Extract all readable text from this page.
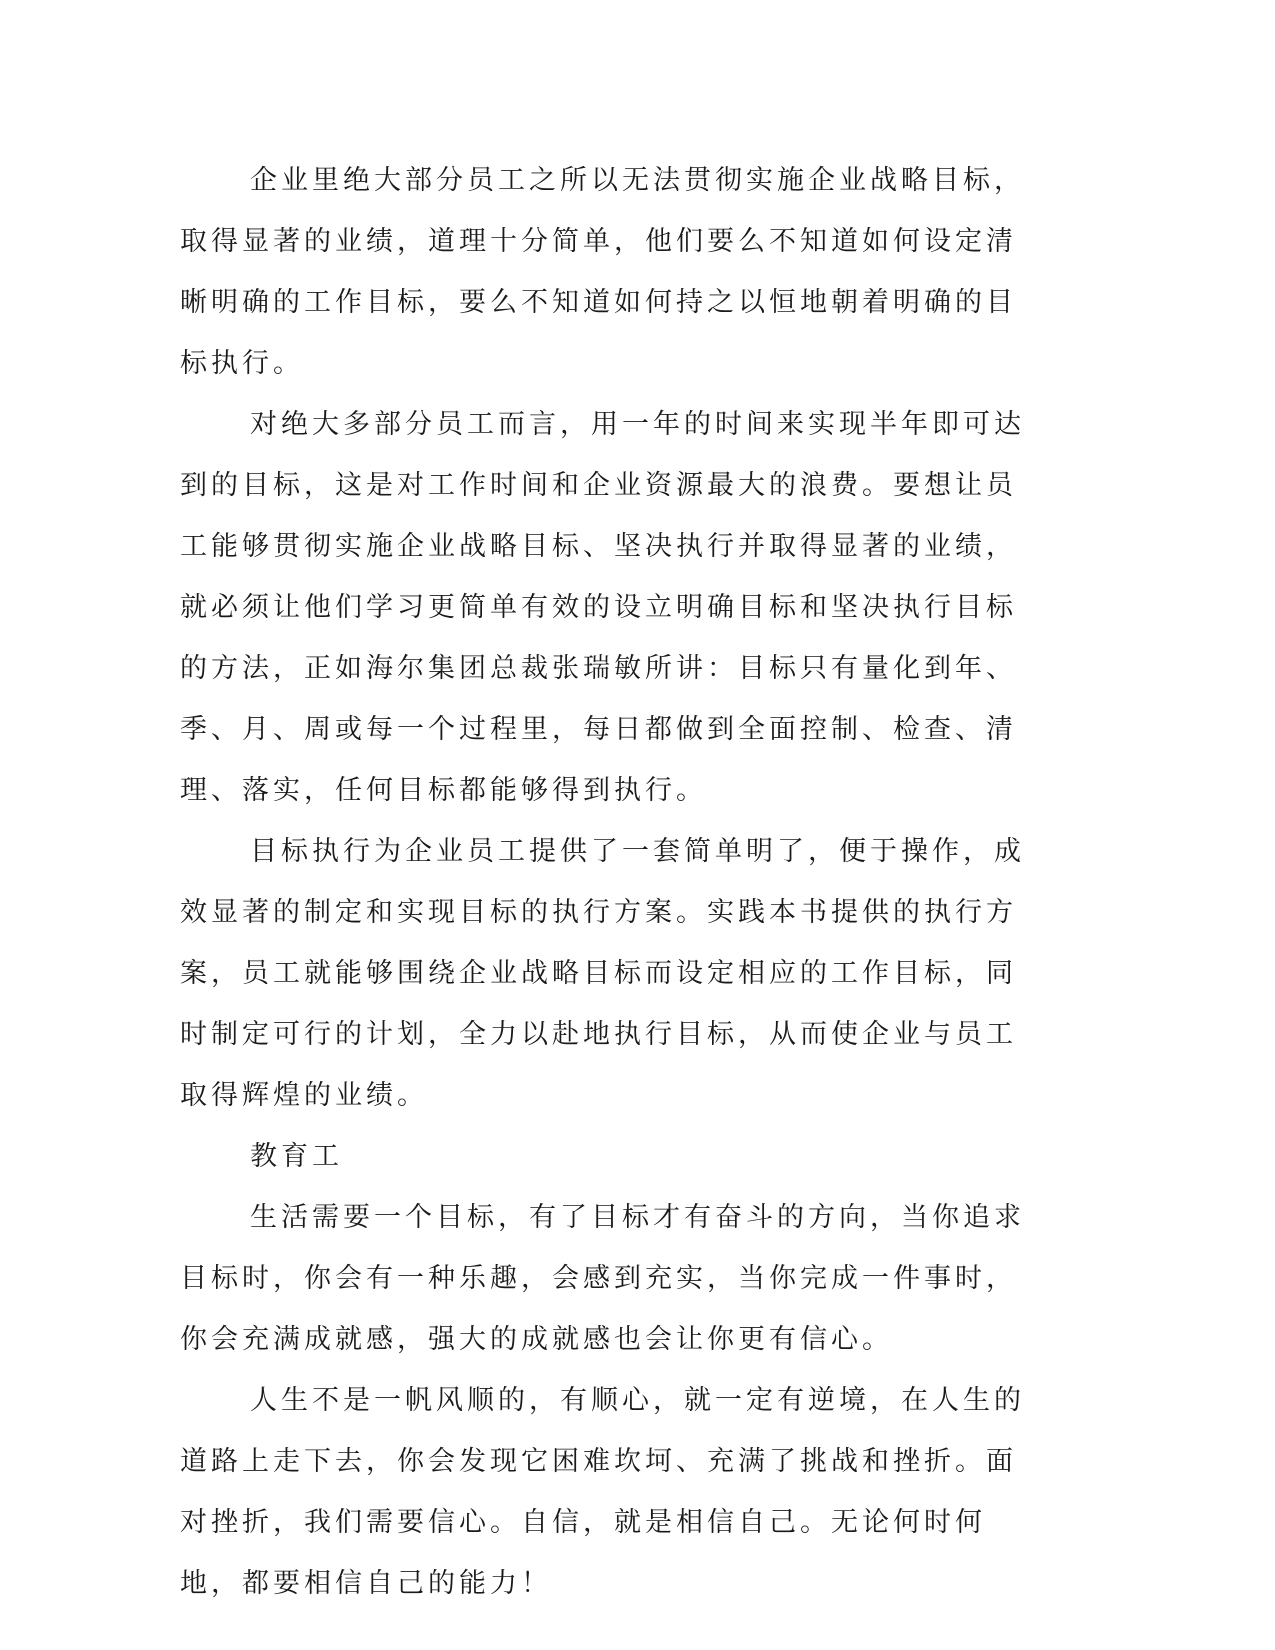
企业里绝大部分员工之所以无法贯彻实施企业战略目标，取得显著的业绩，道理十分简单，他们要么不知道如何设定清晰明确的工作目标，要么不知道如何持之以恒地朝着明确的目标执行。

对绝大多部分员工而言，用一年的时间来实现半年即可达到的目标，这是对工作时间和企业资源最大的浪费。要想让员工能够贯彻实施企业战略目标、坚决执行并取得显著的业绩，就必须让他们学习更简单有效的设立明确目标和坚决执行目标的方法，正如海尔集团总裁张瑞敏所讲：目标只有量化到年、季、月、周或每一个过程里，每日都做到全面控制、检查、清理、落实，任何目标都能够得到执行。

目标执行为企业员工提供了一套简单明了，便于操作，成效显著的制定和实现目标的执行方案。实践本书提供的执行方案，员工就能够围绕企业战略目标而设定相应的工作目标，同时制定可行的计划，全力以赴地执行目标，从而使企业与员工取得辉煌的业绩。

教育工

生活需要一个目标，有了目标才有奋斗的方向，当你追求目标时，你会有一种乐趣，会感到充实，当你完成一件事时，你会充满成就感，强大的成就感也会让你更有信心。

人生不是一帆风顺的，有顺心，就一定有逆境，在人生的道路上走下去，你会发现它困难坎坷、充满了挑战和挫折。面对挫折，我们需要信心。自信，就是相信自己。无论何时何地，都要相信自己的能力！
